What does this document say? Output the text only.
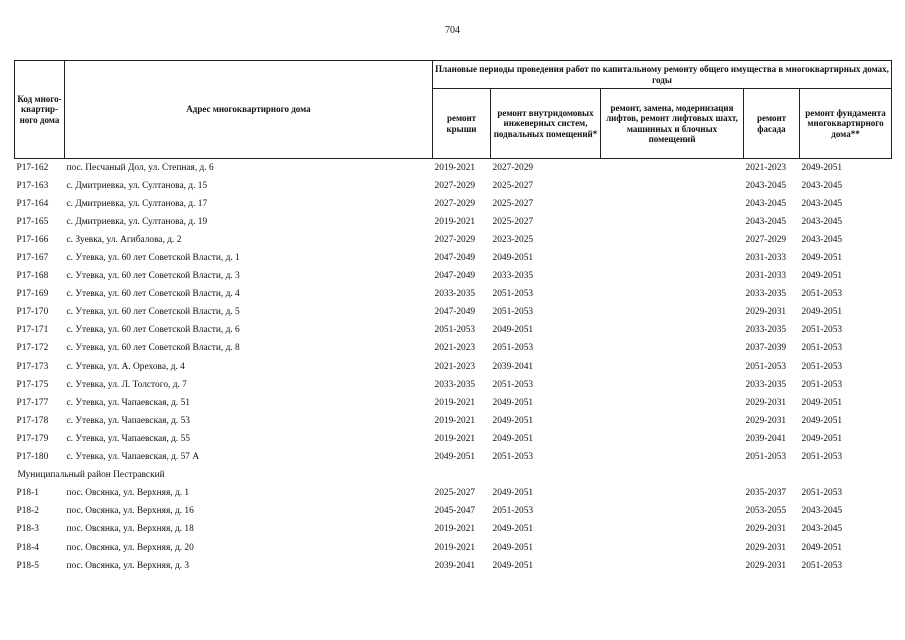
704
Код много-квартир-ного дома	Адрес многоквартирного дома	Плановые периоды проведения работ по капитальному ремонту общего имущества в многоквартирных домах, годы				
		ремонт крыши	ремонт внутридомовых инженерных систем, подвальных помещений*	ремонт, замена, модернизация лифтов, ремонт лифтовых шахт, машинных и блочных помещений	ремонт фасада	ремонт фундамента многоквартирного дома**
P17-162	пос. Песчаный Дол, ул. Степная, д. 6	2019-2021	2027-2029		2021-2023	2049-2051
P17-163	с. Дмитриевка, ул. Султанова, д. 15	2027-2029	2025-2027		2043-2045	2043-2045
P17-164	с. Дмитриевка, ул. Султанова, д. 17	2027-2029	2025-2027		2043-2045	2043-2045
P17-165	с. Дмитриевка, ул. Султанова, д. 19	2019-2021	2025-2027		2043-2045	2043-2045
P17-166	с. Зуевка, ул. Агибалова, д. 2	2027-2029	2023-2025		2027-2029	2043-2045
P17-167	с. Утевка, ул. 60 лет Советской Власти, д. 1	2047-2049	2049-2051		2031-2033	2049-2051
P17-168	с. Утевка, ул. 60 лет Советской Власти, д. 3	2047-2049	2033-2035		2031-2033	2049-2051
P17-169	с. Утевка, ул. 60 лет Советской Власти, д. 4	2033-2035	2051-2053		2033-2035	2051-2053
P17-170	с. Утевка, ул. 60 лет Советской Власти, д. 5	2047-2049	2051-2053		2029-2031	2049-2051
P17-171	с. Утевка, ул. 60 лет Советской Власти, д. 6	2051-2053	2049-2051		2033-2035	2051-2053
P17-172	с. Утевка, ул. 60 лет Советской Власти, д. 8	2021-2023	2051-2053		2037-2039	2051-2053
P17-173	с. Утевка, ул. А. Орехова, д. 4	2021-2023	2039-2041		2051-2053	2051-2053
P17-175	с. Утевка, ул. Л. Толстого, д. 7	2033-2035	2051-2053		2033-2035	2051-2053
P17-177	с. Утевка, ул. Чапаевская, д. 51	2019-2021	2049-2051		2029-2031	2049-2051
P17-178	с. Утевка, ул. Чапаевская, д. 53	2019-2021	2049-2051		2029-2031	2049-2051
P17-179	с. Утевка, ул. Чапаевская, д. 55	2019-2021	2049-2051		2039-2041	2049-2051
P17-180	с. Утевка, ул. Чапаевская, д. 57 А	2049-2051	2051-2053		2051-2053	2051-2053
Муниципальный район Пестравский						
P18-1	пос. Овсянка, ул. Верхняя, д. 1	2025-2027	2049-2051		2035-2037	2051-2053
P18-2	пос. Овсянка, ул. Верхняя, д. 16	2045-2047	2051-2053		2053-2055	2043-2045
P18-3	пос. Овсянка, ул. Верхняя, д. 18	2019-2021	2049-2051		2029-2031	2043-2045
P18-4	пос. Овсянка, ул. Верхняя, д. 20	2019-2021	2049-2051		2029-2031	2049-2051
P18-5	пос. Овсянка, ул. Верхняя, д. 3	2039-2041	2049-2051		2029-2031	2051-2053
